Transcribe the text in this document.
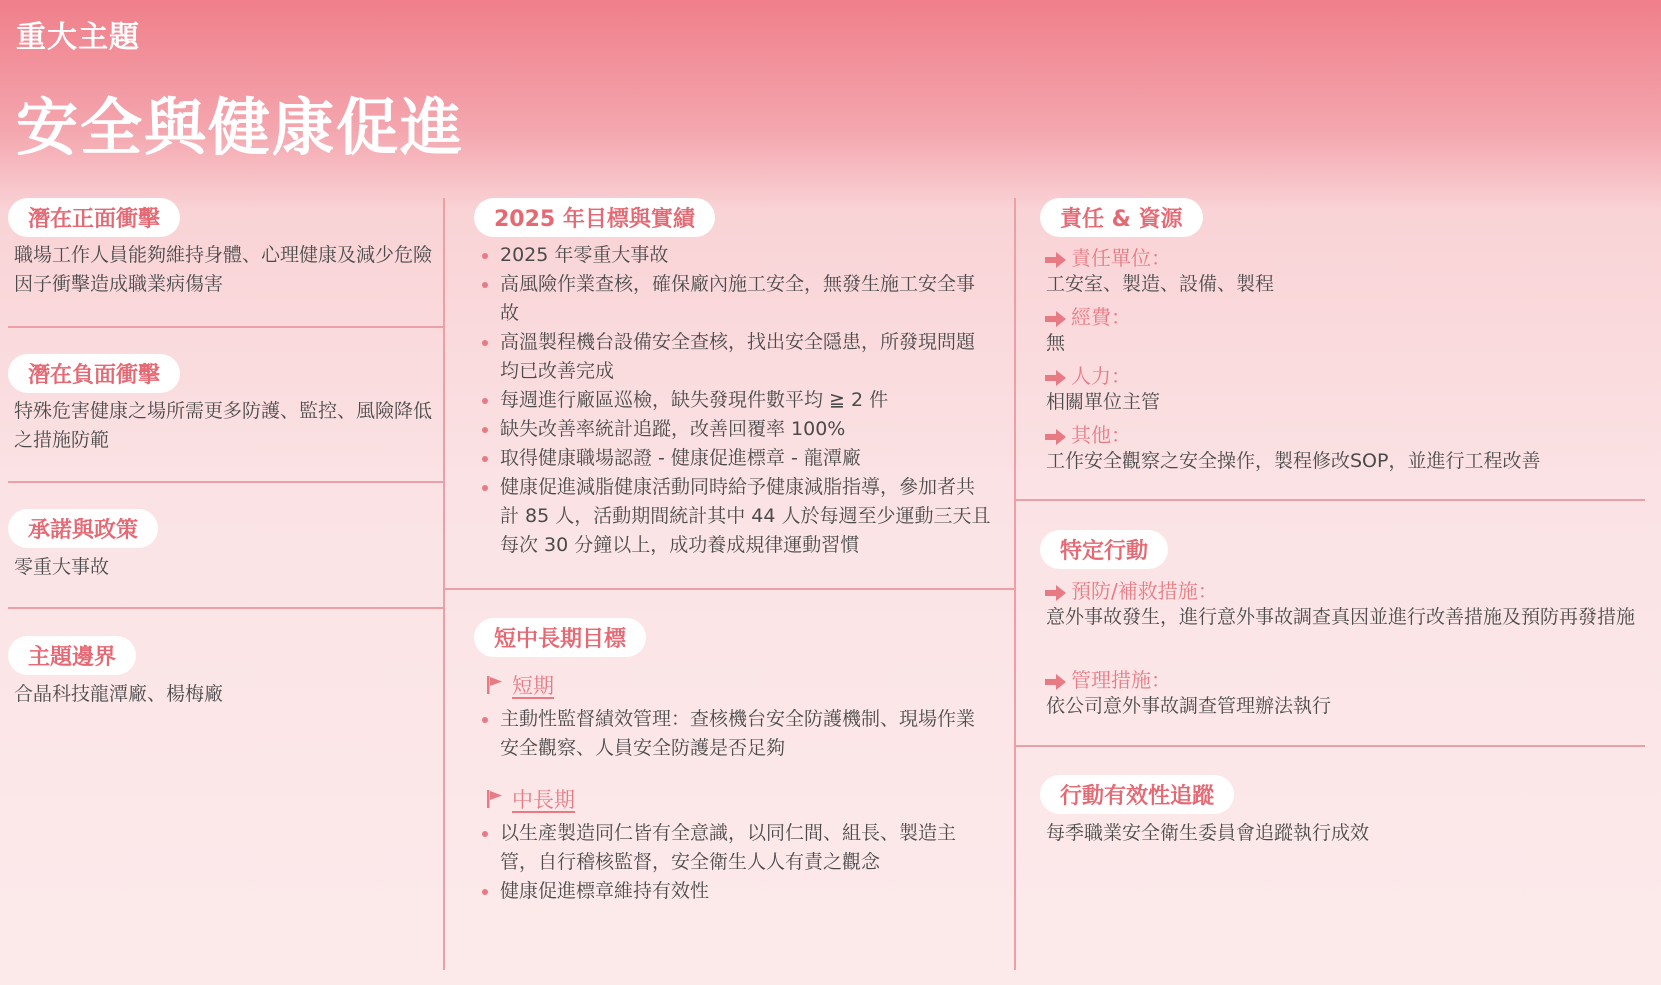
重大主題
安全與健康促進
潛在正面衝擊
職場工作人員能夠維持身體、心理健康及減少危險因子衝擊造成職業病傷害
潛在負面衝擊
特殊危害健康之場所需更多防護、監控、風險降低之措施防範
承諾與政策
零重大事故
主題邊界
合晶科技龍潭廠、楊梅廠
2025 年目標與實績
2025 年零重大事故
高風險作業查核，確保廠內施工安全，無發生施工安全事故
高溫製程機台設備安全查核，找出安全隱患，所發現問題均已改善完成
每週進行廠區巡檢，缺失發現件數平均 ≧ 2 件
缺失改善率統計追蹤，改善回覆率 100%
取得健康職場認證 - 健康促進標章 - 龍潭廠
健康促進減脂健康活動同時給予健康減脂指導，參加者共計 85 人，活動期間統計其中 44 人於每週至少運動三天且每次 30 分鐘以上，成功養成規律運動習慣
短中長期目標
短期
主動性監督績效管理：查核機台安全防護機制、現場作業安全觀察、人員安全防護是否足夠
中長期
以生產製造同仁皆有全意識，以同仁間、組長、製造主管，自行稽核監督，安全衛生人人有責之觀念
健康促進標章維持有效性
責任 & 資源
責任單位：
工安室、製造、設備、製程
經費：
無
人力：
相關單位主管
其他：
工作安全觀察之安全操作，製程修改SOP，並進行工程改善
特定行動
預防/補救措施：
意外事故發生，進行意外事故調查真因並進行改善措施及預防再發措施
管理措施：
依公司意外事故調查管理辦法執行
行動有效性追蹤
每季職業安全衛生委員會追蹤執行成效
